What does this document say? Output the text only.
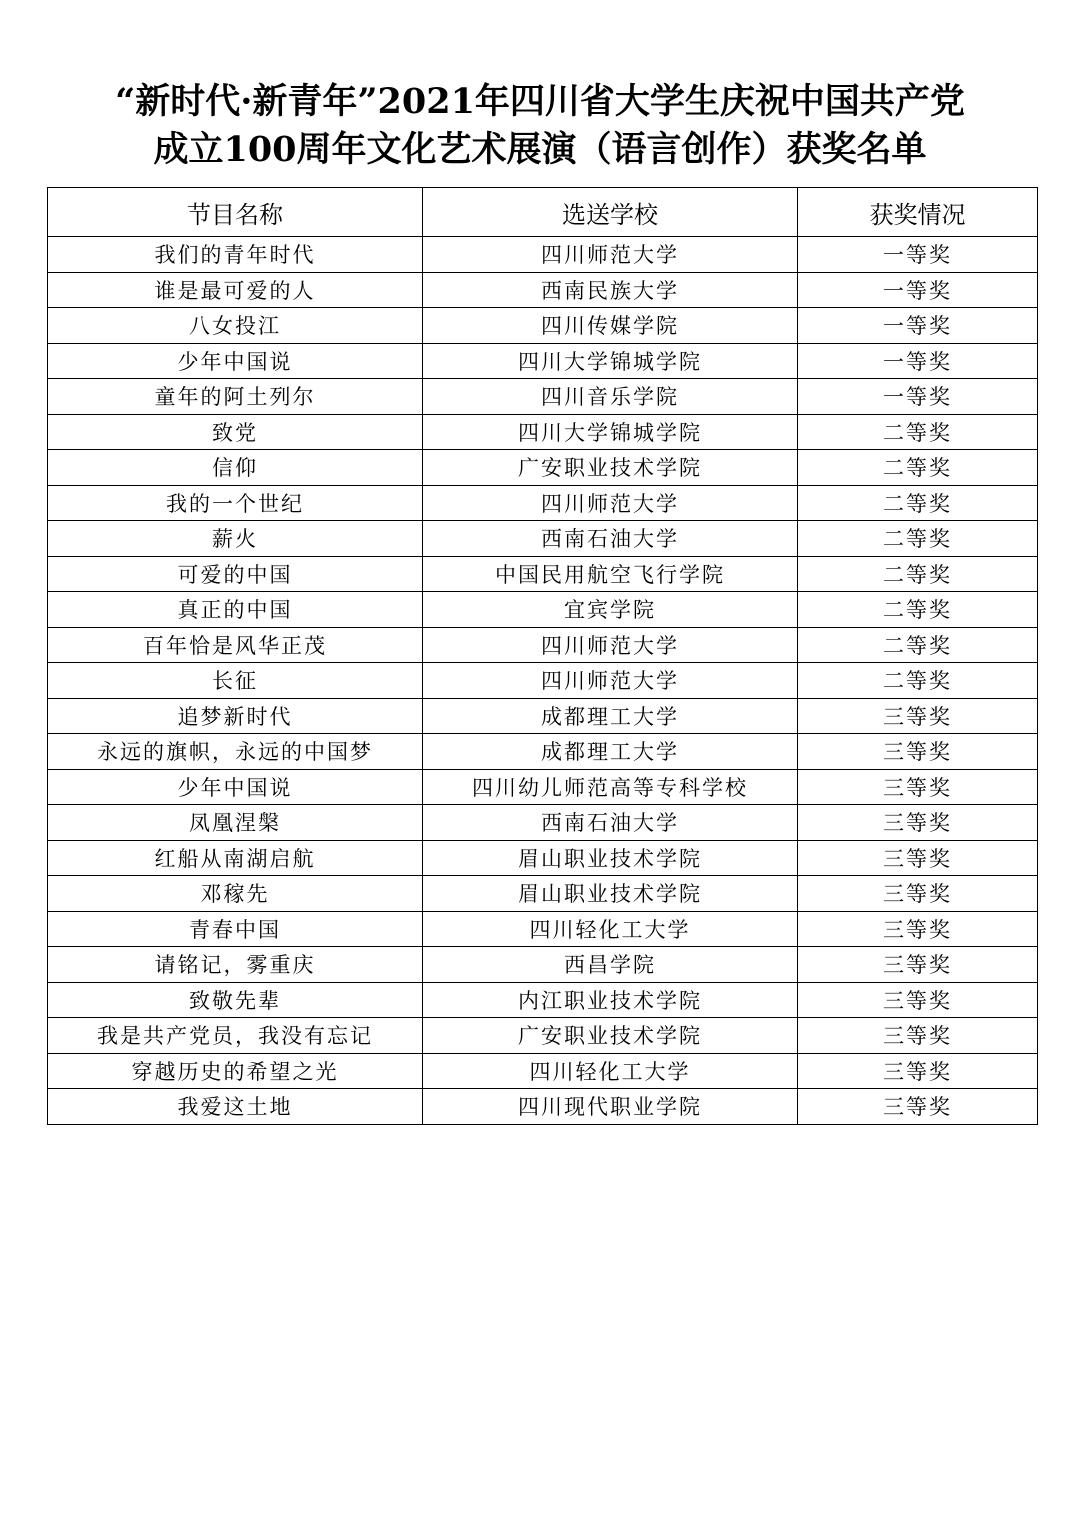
“新时代·新青年”2021年四川省大学生庆祝中国共产党
成立100周年文化艺术展演（语言创作）获奖名单
节目名称	选送学校	获奖情况
我们的青年时代	四川师范大学	一等奖
谁是最可爱的人	西南民族大学	一等奖
八女投江	四川传媒学院	一等奖
少年中国说	四川大学锦城学院	一等奖
童年的阿土列尔	四川音乐学院	一等奖
致党	四川大学锦城学院	二等奖
信仰	广安职业技术学院	二等奖
我的一个世纪	四川师范大学	二等奖
薪火	西南石油大学	二等奖
可爱的中国	中国民用航空飞行学院	二等奖
真正的中国	宜宾学院	二等奖
百年恰是风华正茂	四川师范大学	二等奖
长征	四川师范大学	二等奖
追梦新时代	成都理工大学	三等奖
永远的旗帜，永远的中国梦	成都理工大学	三等奖
少年中国说	四川幼儿师范高等专科学校	三等奖
凤凰涅槃	西南石油大学	三等奖
红船从南湖启航	眉山职业技术学院	三等奖
邓稼先	眉山职业技术学院	三等奖
青春中国	四川轻化工大学	三等奖
请铭记，雾重庆	西昌学院	三等奖
致敬先辈	内江职业技术学院	三等奖
我是共产党员，我没有忘记	广安职业技术学院	三等奖
穿越历史的希望之光	四川轻化工大学	三等奖
我爱这土地	四川现代职业学院	三等奖
